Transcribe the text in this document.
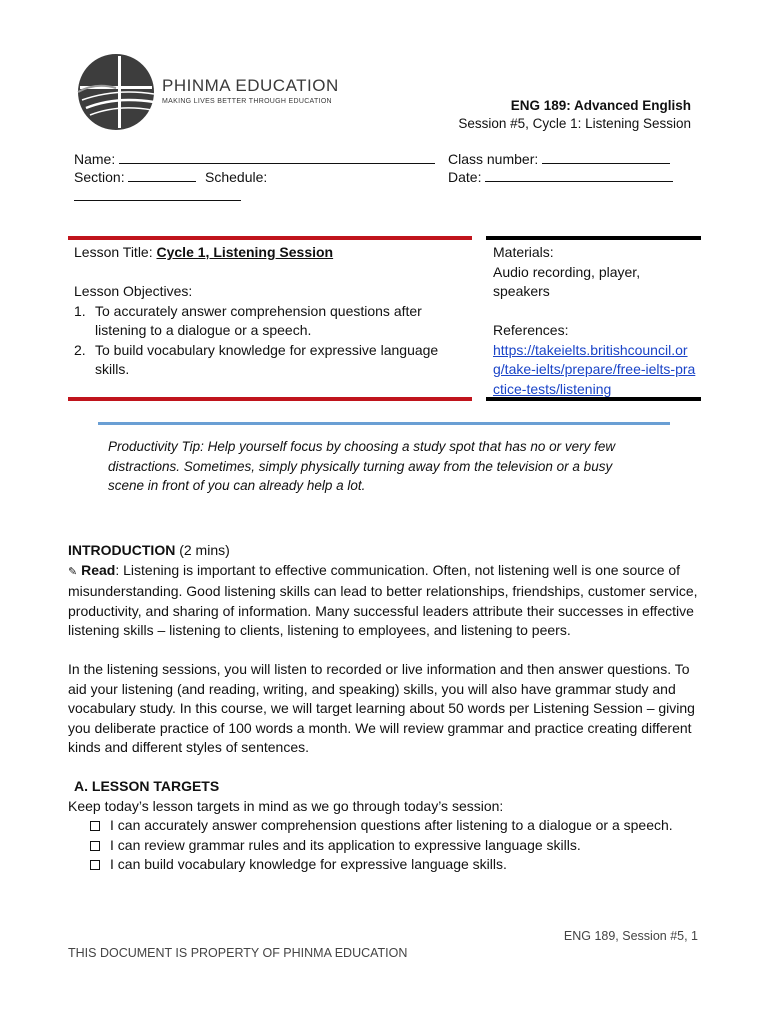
PHINMA EDUCATION
MAKING LIVES BETTER THROUGH EDUCATION	ENG 189: Advanced English
Session #5, Cycle 1: Listening Session
Name:	Class number:
Section:	Schedule:	Date:
Lesson Title: Cycle 1, Listening Session
Lesson Objectives:
1. To accurately answer comprehension questions after listening to a dialogue or a speech.
2. To build vocabulary knowledge for expressive language skills.
Materials:
Audio recording, player, speakers
References:
https://takeielts.britishcouncil.org/take-ielts/prepare/free-ielts-practice-tests/listening
Productivity Tip: Help yourself focus by choosing a study spot that has no or very few distractions. Sometimes, simply physically turning away from the television or a busy scene in front of you can already help a lot.
INTRODUCTION (2 mins)

✎ Read: Listening is important to effective communication. Often, not listening well is one source of misunderstanding. Good listening skills can lead to better relationships, friendships, customer service, productivity, and sharing of information. Many successful leaders attribute their successes in effective listening skills – listening to clients, listening to employees, and listening to peers.

In the listening sessions, you will listen to recorded or live information and then answer questions. To aid your listening (and reading, writing, and speaking) skills, you will also have grammar study and vocabulary study. In this course, we will target learning about 50 words per Listening Session – giving you deliberate practice of 100 words a month. We will review grammar and practice creating different kinds and different styles of sentences.

A. LESSON TARGETS
Keep today’s lesson targets in mind as we go through today’s session:
I can accurately answer comprehension questions after listening to a dialogue or a speech.
I can review grammar rules and its application to expressive language skills.
I can build vocabulary knowledge for expressive language skills.
ENG 189, Session #5, 1
THIS DOCUMENT IS PROPERTY OF PHINMA EDUCATION
